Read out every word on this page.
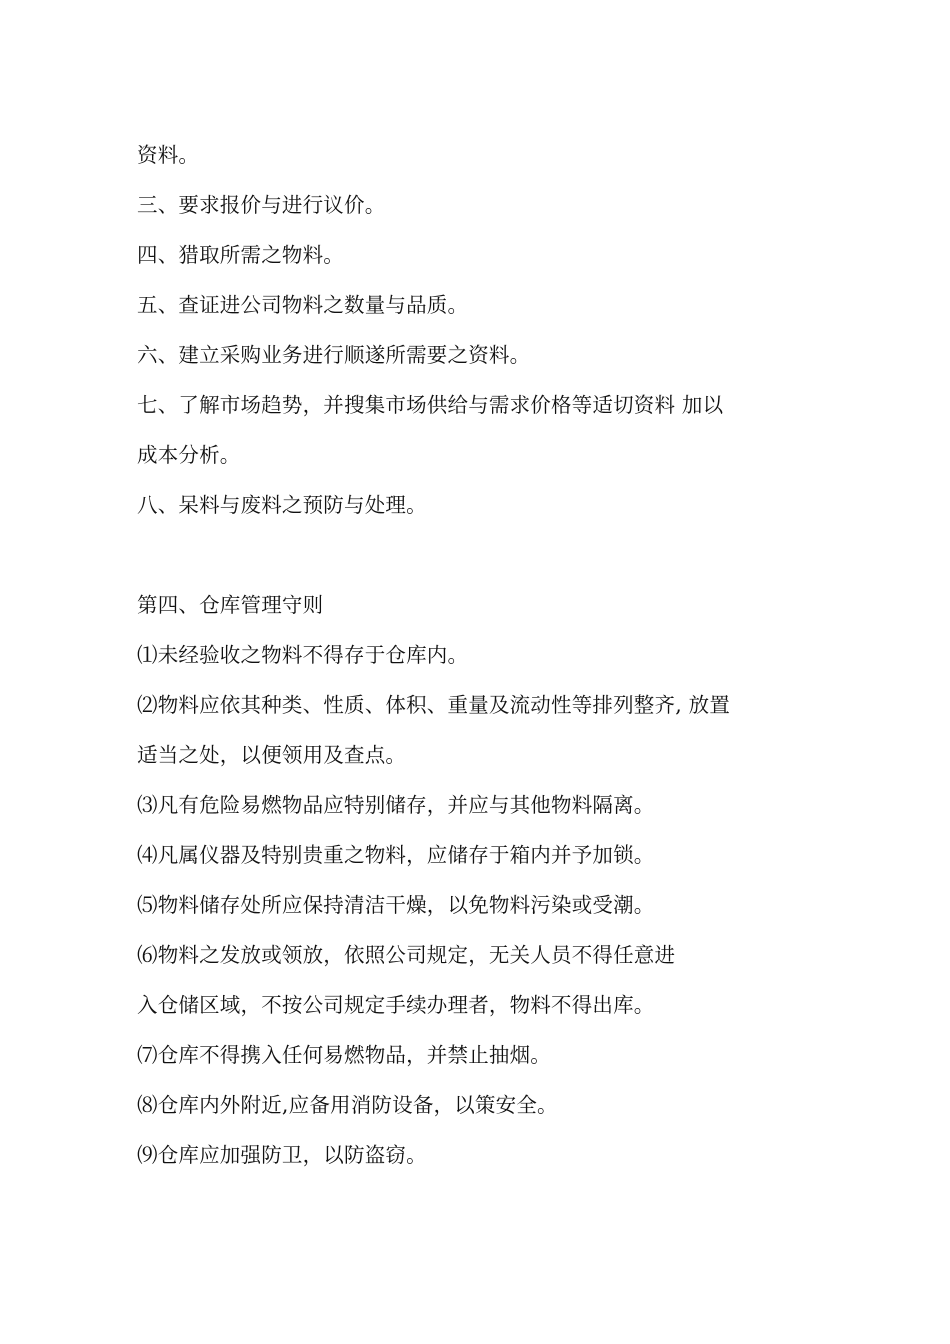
资料。
三、要求报价与进行议价。
四、猎取所需之物料。
五、查证进公司物料之数量与品质。
六、建立采购业务进行顺遂所需要之资料。
七、了解市场趋势，并搜集市场供给与需求价格等适切资料 加以
成本分析。
八、呆料与废料之预防与处理。
第四、仓库管理守则
⑴未经验收之物料不得存于仓库内。
⑵物料应依其种类、性质、体积、重量及流动性等排列整齐, 放置
适当之处，以便领用及查点。
⑶凡有危险易燃物品应特别储存，并应与其他物料隔离。
⑷凡属仪器及特别贵重之物料，应储存于箱内并予加锁。
⑸物料储存处所应保持清洁干燥，以免物料污染或受潮。
⑹物料之发放或领放，依照公司规定，无关人员不得任意进
入仓储区域，不按公司规定手续办理者，物料不得出库。
⑺仓库不得携入任何易燃物品，并禁止抽烟。
⑻仓库内外附近,应备用消防设备，以策安全。
⑼仓库应加强防卫，以防盗窃。
